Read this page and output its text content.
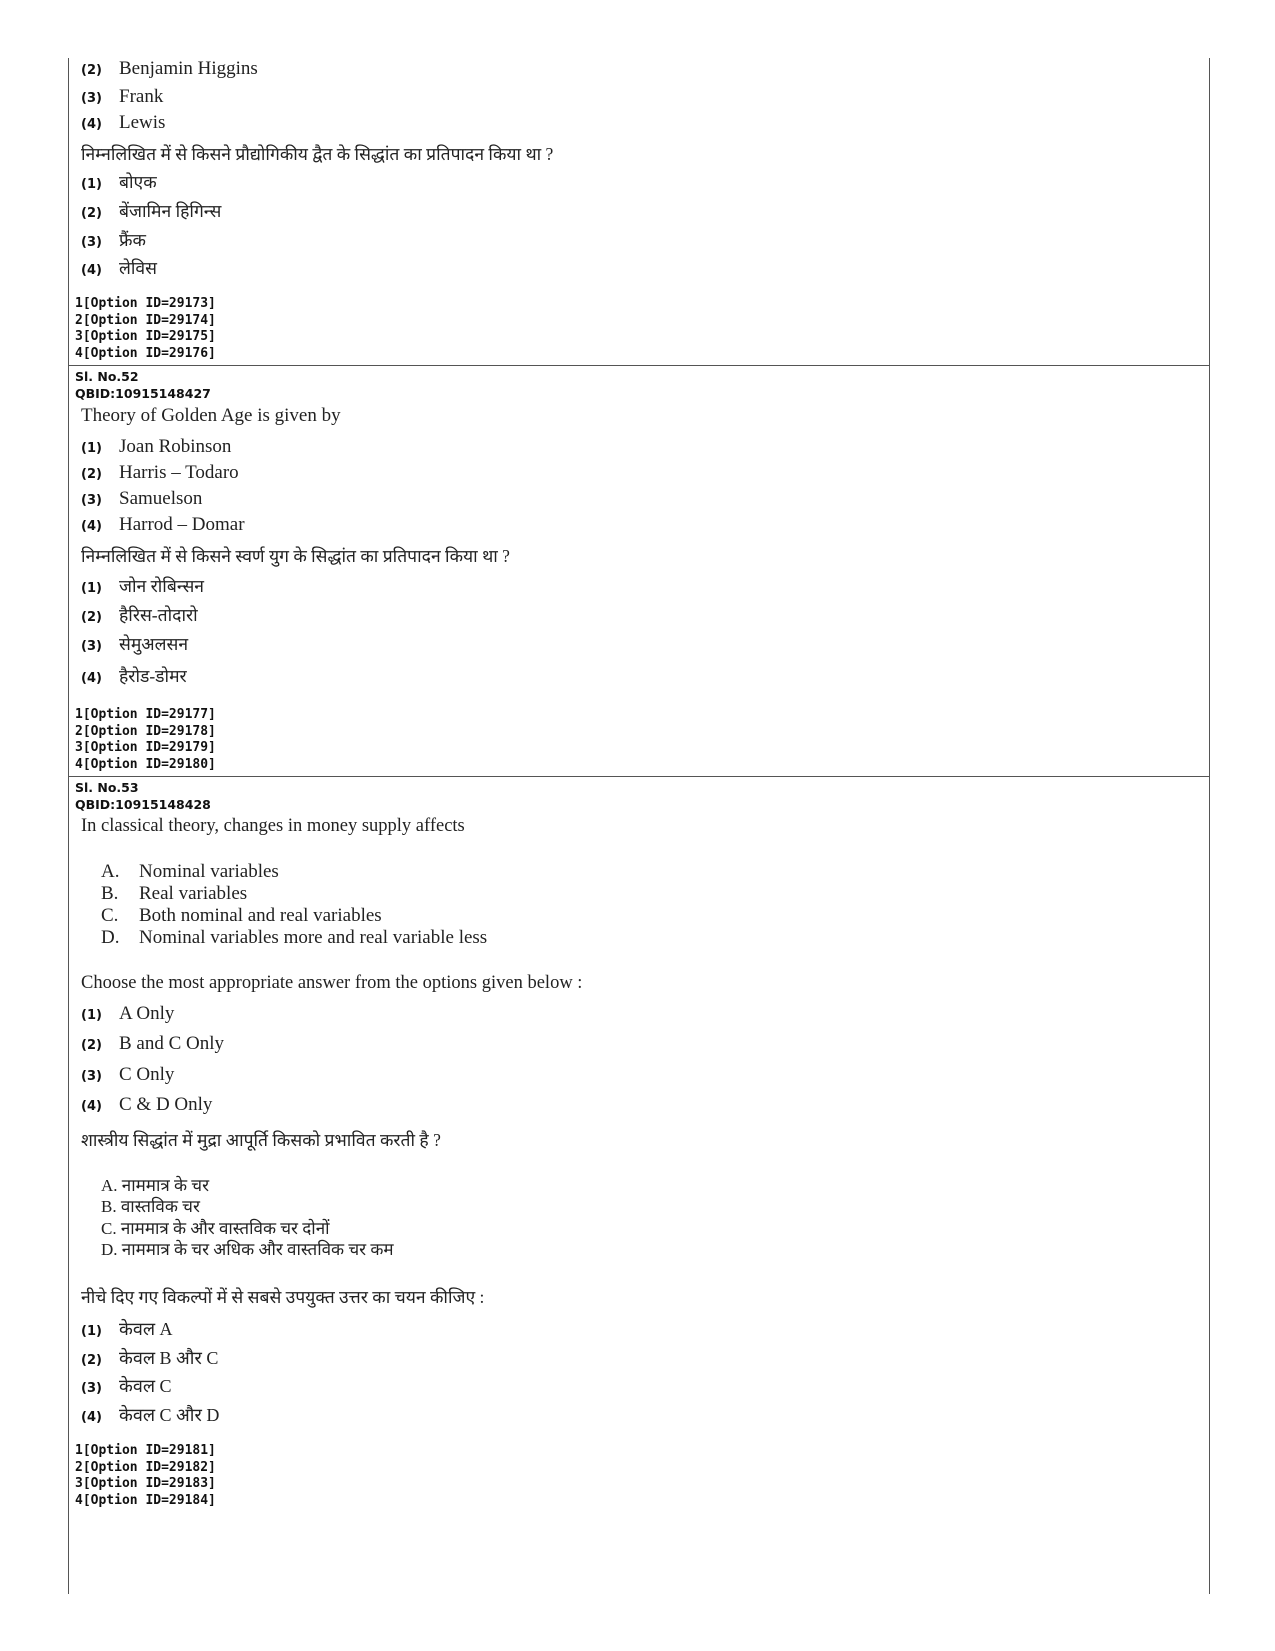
(2) Benjamin Higgins
(3) Frank
(4) Lewis
निम्नलिखित में से किसने प्रौद्योगिकीय द्वैत के सिद्धांत का प्रतिपादन किया था ?
(1) बोएक
(2) बेंजामिन हिगिन्स
(3) फ्रैंक
(4) लेविस
1[Option ID=29173]
2[Option ID=29174]
3[Option ID=29175]
4[Option ID=29176]
Sl. No.52
QBID:10915148427
Theory of Golden Age is given by
(1) Joan Robinson
(2) Harris – Todaro
(3) Samuelson
(4) Harrod – Domar
निम्नलिखित में से किसने स्वर्ण युग के सिद्धांत का प्रतिपादन किया था ?
(1) जोन रोबिन्सन
(2) हैरिस-तोदारो
(3) सेमुअलसन
(4) हैरोड-डोमर
1[Option ID=29177]
2[Option ID=29178]
3[Option ID=29179]
4[Option ID=29180]
Sl. No.53
QBID:10915148428
In classical theory, changes in money supply affects
A. Nominal variables
B. Real variables
C. Both nominal and real variables
D. Nominal variables more and real variable less
Choose the most appropriate answer from the options given below :
(1) A Only
(2) B and C Only
(3) C Only
(4) C & D Only
शास्त्रीय सिद्धांत में मुद्रा आपूर्ति किसको प्रभावित करती है ?
A. नाममात्र के चर
B. वास्तविक चर
C. नाममात्र के और वास्तविक चर दोनों
D. नाममात्र के चर अधिक और वास्तविक चर कम
नीचे दिए गए विकल्पों में से सबसे उपयुक्त उत्तर का चयन कीजिए :
(1) केवल A
(2) केवल B और C
(3) केवल C
(4) केवल C और D
1[Option ID=29181]
2[Option ID=29182]
3[Option ID=29183]
4[Option ID=29184]
